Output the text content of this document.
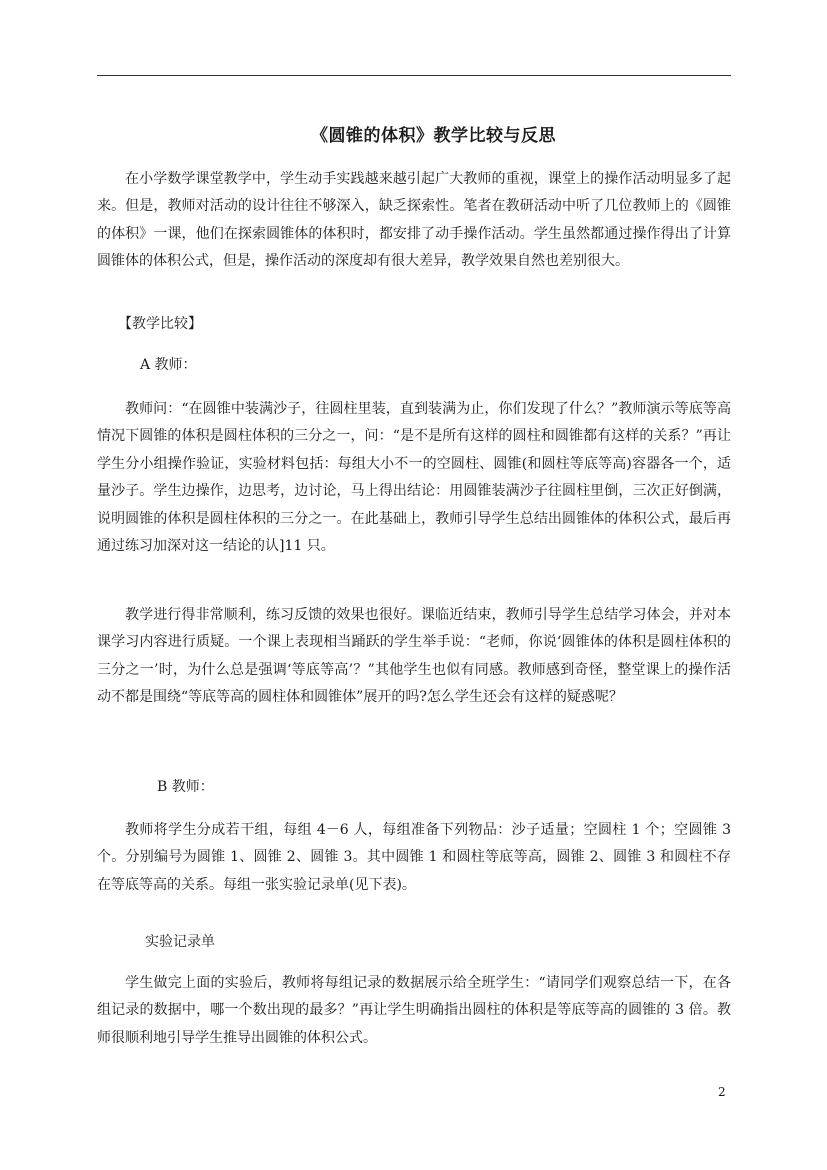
《圆锥的体积》教学比较与反思

在小学数学课堂教学中，学生动手实践越来越引起广大教师的重视，课堂上的操作活动明显多了起来。但是，教师对活动的设计往往不够深入，缺乏探索性。笔者在教研活动中听了几位教师上的《圆锥的体积》一课，他们在探索圆锥体的体积时，都安排了动手操作活动。学生虽然都通过操作得出了计算圆锥体的体积公式，但是，操作活动的深度却有很大差异，教学效果自然也差别很大。

【教学比较】

A 教师：

教师问：“在圆锥中装满沙子，往圆柱里装，直到装满为止，你们发现了什么？”教师演示等底等高情况下圆锥的体积是圆柱体积的三分之一，问：“是不是所有这样的圆柱和圆锥都有这样的关系？”再让学生分小组操作验证，实验材料包括：每组大小不一的空圆柱、圆锥(和圆柱等底等高)容器各一个，适量沙子。学生边操作，边思考，边讨论，马上得出结论：用圆锥装满沙子往圆柱里倒，三次正好倒满，说明圆锥的体积是圆柱体积的三分之一。在此基础上，教师引导学生总结出圆锥体的体积公式，最后再通过练习加深对这一结论的认]11 只。

教学进行得非常顺利，练习反馈的效果也很好。课临近结束，教师引导学生总结学习体会，并对本课学习内容进行质疑。一个课上表现相当踊跃的学生举手说：“老师，你说‘圆锥体的体积是圆柱体积的三分之一’时，为什么总是强调‘等底等高’？”其他学生也似有同感。教师感到奇怪，整堂课上的操作活动不都是围绕“等底等高的圆柱体和圆锥体”展开的吗?怎么学生还会有这样的疑惑呢？

B 教师：

教师将学生分成若干组，每组 4－6 人，每组准备下列物品：沙子适量；空圆柱 1 个；空圆锥 3 个。分别编号为圆锥 1、圆锥 2、圆锥 3。其中圆锥 1 和圆柱等底等高，圆锥 2、圆锥 3 和圆柱不存在等底等高的关系。每组一张实验记录单(见下表)。

实验记录单

学生做完上面的实验后，教师将每组记录的数据展示给全班学生：“请同学们观察总结一下，在各组记录的数据中，哪一个数出现的最多？”再让学生明确指出圆柱的体积是等底等高的圆锥的 3 倍。教师很顺利地引导学生推导出圆锥的体积公式。

2
